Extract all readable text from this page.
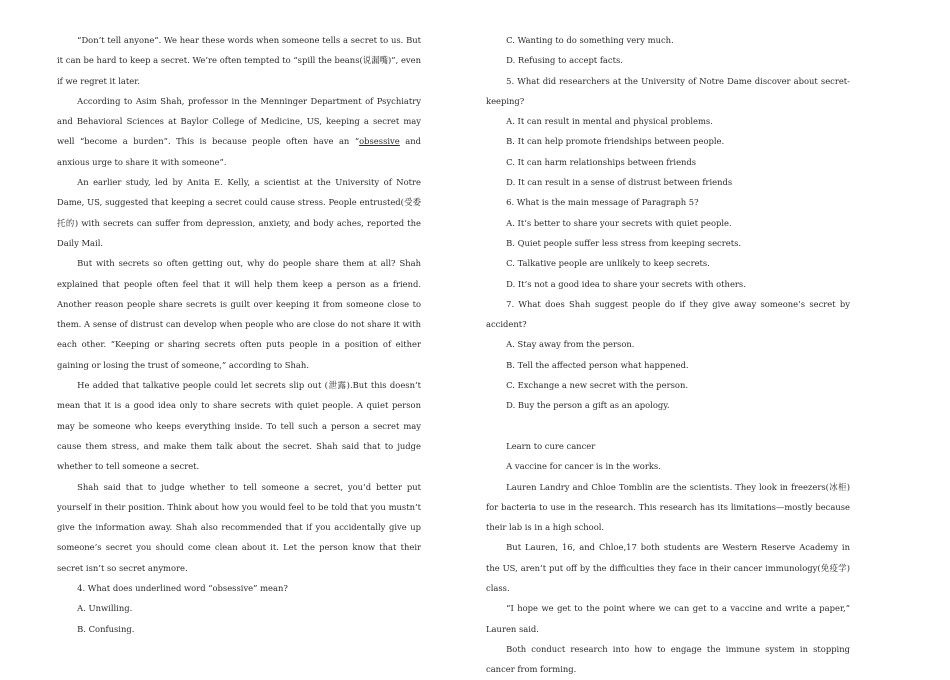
“Don’t tell anyone”. We hear these words when someone tells a secret to us. But it can be hard to keep a secret. We’re often tempted to “spill the beans(说漏嘴)”, even if we regret it later.

According to Asim Shah, professor in the Menninger Department of Psychiatry and Behavioral Sciences at Baylor College of Medicine, US, keeping a secret may well “become a burden”. This is because people often have an “obsessive and anxious urge to share it with someone”.

An earlier study, led by Anita E. Kelly, a scientist at the University of Notre Dame, US, suggested that keeping a secret could cause stress. People entrusted(受委托的) with secrets can suffer from depression, anxiety, and body aches, reported the Daily Mail.

But with secrets so often getting out, why do people share them at all? Shah explained that people often feel that it will help them keep a person as a friend. Another reason people share secrets is guilt over keeping it from someone close to them. A sense of distrust can develop when people who are close do not share it with each other. “Keeping or sharing secrets often puts people in a position of either gaining or losing the trust of someone,” according to Shah.

He added that talkative people could let secrets slip out (泄露).But this doesn’t mean that it is a good idea only to share secrets with quiet people. A quiet person may be someone who keeps everything inside. To tell such a person a secret may cause them stress, and make them talk about the secret. Shah said that to judge whether to tell someone a secret.

Shah said that to judge whether to tell someone a secret, you’d better put yourself in their position. Think about how you would feel to be told that you mustn’t give the information away. Shah also recommended that if you accidentally give up someone’s secret you should come clean about it. Let the person know that their secret isn’t so secret anymore.

4. What does underlined word “obsessive” mean?

A. Unwilling.

B. Confusing.

C. Wanting to do something very much.

D. Refusing to accept facts.

5. What did researchers at the University of Notre Dame discover about secret-keeping?

A. It can result in mental and physical problems.

B. It can help promote friendships between people.

C. It can harm relationships between friends

D. It can result in a sense of distrust between friends

6. What is the main message of Paragraph 5?

A. It’s better to share your secrets with quiet people.

B. Quiet people suffer less stress from keeping secrets.

C. Talkative people are unlikely to keep secrets.

D. It’s not a good idea to share your secrets with others.

7. What does Shah suggest people do if they give away someone’s secret by accident?

A. Stay away from the person.

B. Tell the affected person what happened.

C. Exchange a new secret with the person.

D. Buy the person a gift as an apology.

Learn to cure cancer

A vaccine for cancer is in the works.

Lauren Landry and Chloe Tomblin are the scientists. They look in freezers(冰柜) for bacteria to use in the research. This research has its limitations—mostly because their lab is in a high school.

But Lauren, 16, and Chloe,17 both students are Western Reserve Academy in the US, aren’t put off by the difficulties they face in their cancer immunology(免疫学) class.

“I hope we get to the point where we can get to a vaccine and write a paper,” Lauren said.

Both conduct research into how to engage the immune system in stopping cancer from forming.
